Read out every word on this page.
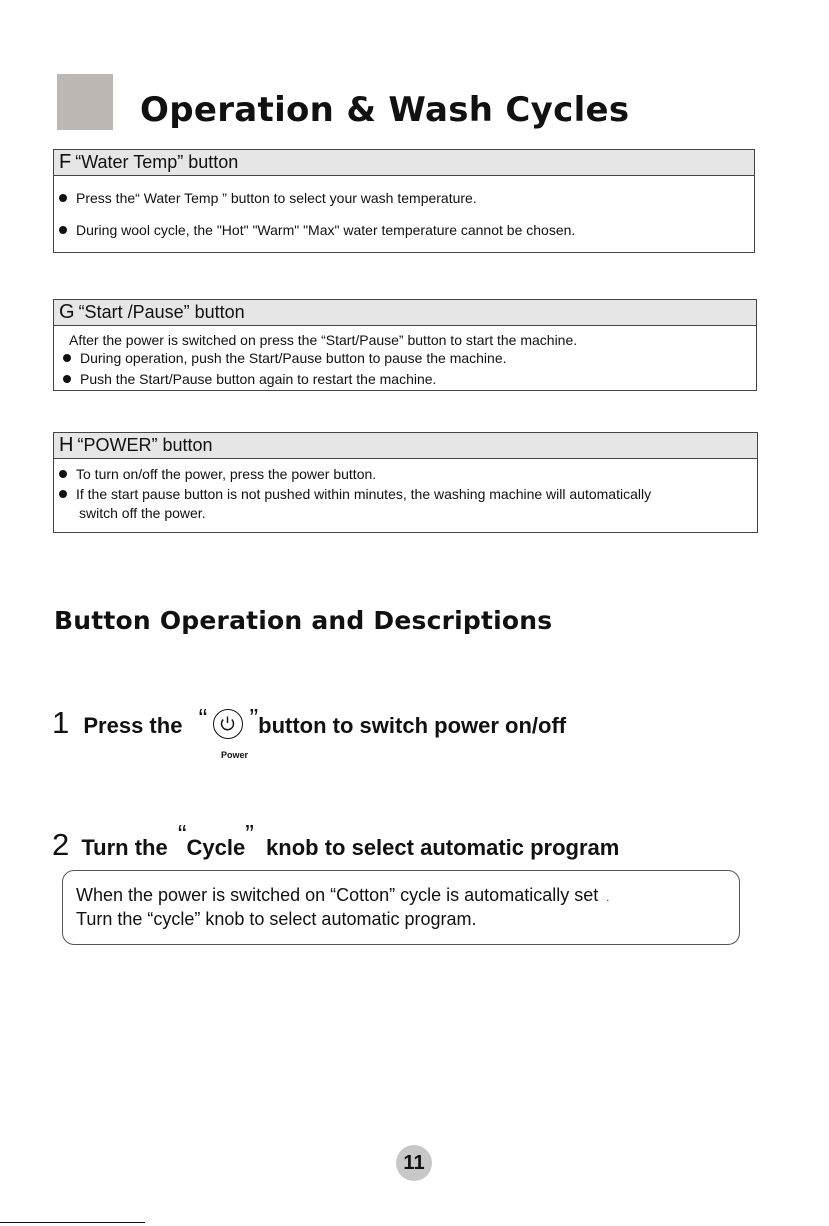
Operation & Wash Cycles
F “Water Temp” button
Press the“ Water Temp ” button to select your wash temperature.
During wool cycle, the "Hot" "Warm" "Max" water temperature cannot be chosen.
G “Start /Pause” button
After the power is switched on press the “Start/Pause” button to start the machine.
During operation, push the Start/Pause button to pause the machine.
Push the Start/Pause button again to restart the machine.
H “POWER” button
To turn on/off the power, press the power button.
If the start pause button is not pushed within minutes, the washing machine will automatically
switch off the power.
Button Operation and Descriptions
1 Press the “ ”button to switch power on/off
Power
2 Turn the “Cycle” knob to select automatic program
When the power is switched on “Cotton” cycle is automatically set .
Turn the “cycle” knob to select automatic program.
11
